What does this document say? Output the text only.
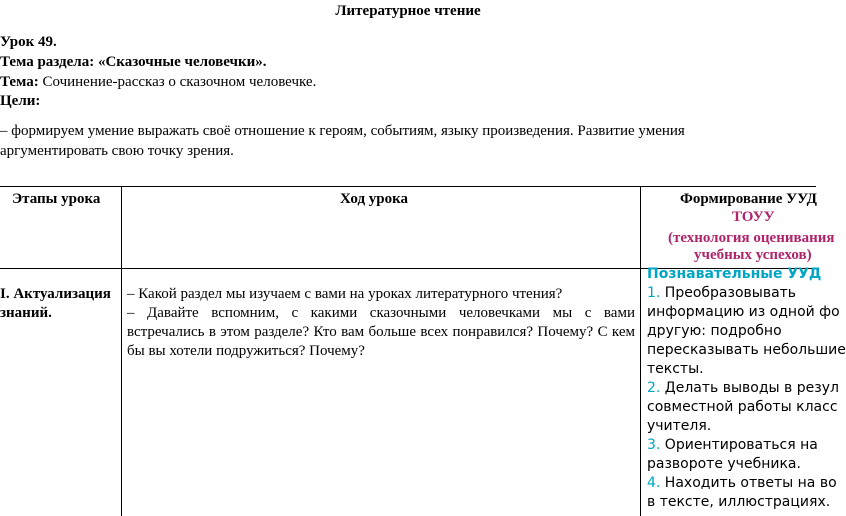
Литературное чтение
Урок 49.
Тема раздела: «Сказочные человечки».
Тема: Сочинение-рассказ о сказочном человечке.
Цели:
– формируем умение выражать своё отношение к героям, событиям, языку произведения. Развитие умения
аргументировать свою точку зрения.
Этапы урока	Ход урока	Формирование УУД
ТОУУ
(технология оценивания
учебных успехов)
I. Актуализация
знаний.
– Какой раздел мы изучаем с вами на уроках литературного чтения?
– Давайте вспомним, с какими сказочными человечками мы с вами встречались в этом разделе? Кто вам больше всех понравился? Почему? С кем бы вы хотели подружиться? Почему?
Познавательные УУД
1. Преобразовывать
информацию из одной фо
другую: подробно
пересказывать небольшие
тексты.
2. Делать выводы в резул
совместной работы класс
учителя.
3. Ориентироваться на
развороте учебника.
4. Находить ответы на во
в тексте, иллюстрациях.
